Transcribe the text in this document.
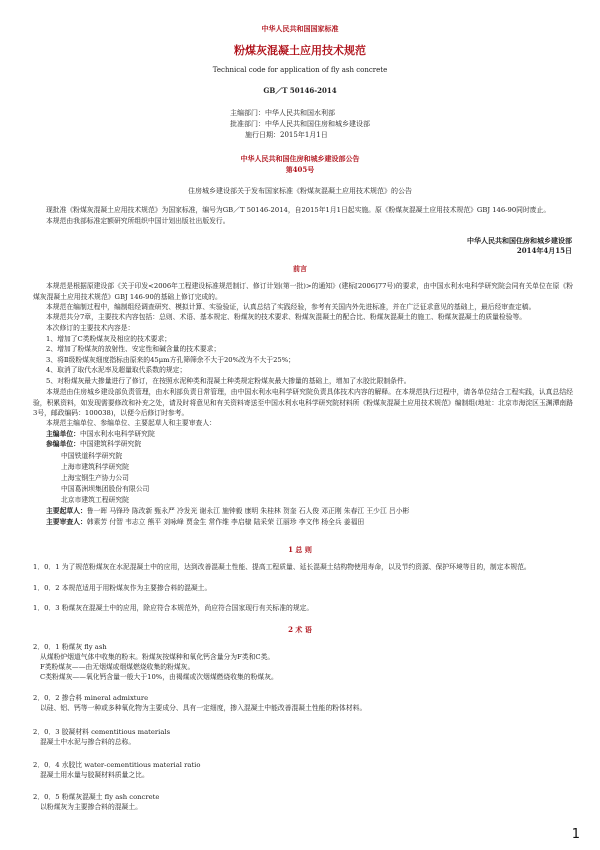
中华人民共和国国家标准
粉煤灰混凝土应用技术规范
Technical code for application of fly ash concrete
GB／T 50146-2014
主编部门：中华人民共和国水利部
批准部门：中华人民共和国住房和城乡建设部
施行日期：2015年1月1日
中华人民共和国住房和城乡建设部公告
第405号
住房城乡建设部关于发布国家标准《粉煤灰混凝土应用技术规范》的公告
现批准《粉煤灰混凝土应用技术规范》为国家标准，编号为GB／T 50146-2014，自2015年1月1日起实施。原《粉煤灰混凝土应用技术规范》GBJ 146-90同时废止。
本规范由我部标准定额研究所组织中国计划出版社出版发行。
中华人民共和国住房和城乡建设部
2014年4月15日
前言
本规范是根据原建设部《关于印发<2006年工程建设标准规范制订、修订计划(第一批)>的通知》(建标[2006]77号)的要求，由中国水利水电科学研究院会同有关单位在原《粉煤灰混凝土应用技术规范》GBJ 146-90的基础上修订完成的。
本规范在编制过程中，编制组经调查研究、模拟计算、实验验证，认真总结了实践经验，参考有关国内外先进标准，并在广泛征求意见的基础上，最后经审查定稿。
本规范共分7章，主要技术内容包括：总则、术语、基本规定、粉煤灰的技术要求、粉煤灰混凝土的配合比、粉煤灰混凝土的施工、粉煤灰混凝土的质量检验等。
本次修订的主要技术内容是：
1、增加了C类粉煤灰及相应的技术要求；
2、增加了粉煤灰的放射性、安定性和碱含量的技术要求；
3、将Ⅱ级粉煤灰细度指标由原来的45μm方孔筛筛余不大于20%改为不大于25%；
4、取消了取代水泥率及超量取代系数的规定；
5、对粉煤灰最大掺量进行了修订，在按照水泥种类和混凝土种类规定粉煤灰最大掺量的基础上，增加了水胶比限制条件。
本规范由住房城乡建设部负责管理，由水利部负责日常管理，由中国水利水电科学研究院负责具体技术内容的解释。在本规范执行过程中，请各单位结合工程实践，认真总结经验，积累资料，如发现需要修改和补充之处，请及时将意见和有关资料寄送至中国水利水电科学研究院材料所《粉煤灰混凝土应用技术规范》编制组(地址：北京市海淀区玉渊潭南路3号，邮政编码：100038)，以便今后修订时参考。
本规范主编单位、参编单位、主要起草人和主要审查人：
主编单位：中国水利水电科学研究院
参编单位：中国建筑科学研究院
中国铁道科学研究院
上海市建筑科学研究院
上海宝钢生产协力公司
中国葛洲坝集团股份有限公司
北京市建筑工程研究院
主要起草人：鲁一晖 马锋玲 陈改新 甄永严 冷发光 谢永江 施钟毅 康明 朱桂林 贺奎 石人俊 邓正刚 朱春江 王少江 吕小彬
主要审查人：韩素芳 付智 韦志立 熊平 刘咏峰 贾金生 常作维 李启棣 陆采荣 江丽珍 李文伟 杨全兵 姜福田
1 总 则
1．0．1 为了规范粉煤灰在水泥混凝土中的应用，达到改善混凝土性能、提高工程质量、延长混凝土结构物使用寿命，以及节约资源、保护环境等目的，制定本规范。
1．0．2 本规范适用于用粉煤灰作为主要掺合料的混凝土。
1．0．3 粉煤灰在混凝土中的应用，除应符合本规范外，尚应符合国家现行有关标准的规定。
2 术 语
2．0．1 粉煤灰 fly ash
从煤粉炉烟道气体中收集的粉末。粉煤灰按煤种和氧化钙含量分为F类和C类。
F类粉煤灰——由无烟煤或烟煤燃烧收集的粉煤灰。
C类粉煤灰——氧化钙含量一般大于10%，由褐煤或次烟煤燃烧收集的粉煤灰。
2．0．2 掺合料 mineral admixture
以硅、铝、钙等一种或多种氧化物为主要成分、具有一定细度，掺入混凝土中能改善混凝土性能的粉体材料。
2．0．3 胶凝材料 cementitious materials
混凝土中水泥与掺合料的总称。
2．0．4 水胶比 water-cementitious material ratio
混凝土用水量与胶凝材料质量之比。
2．0．5 粉煤灰混凝土 fly ash concrete
以粉煤灰为主要掺合料的混凝土。
1
